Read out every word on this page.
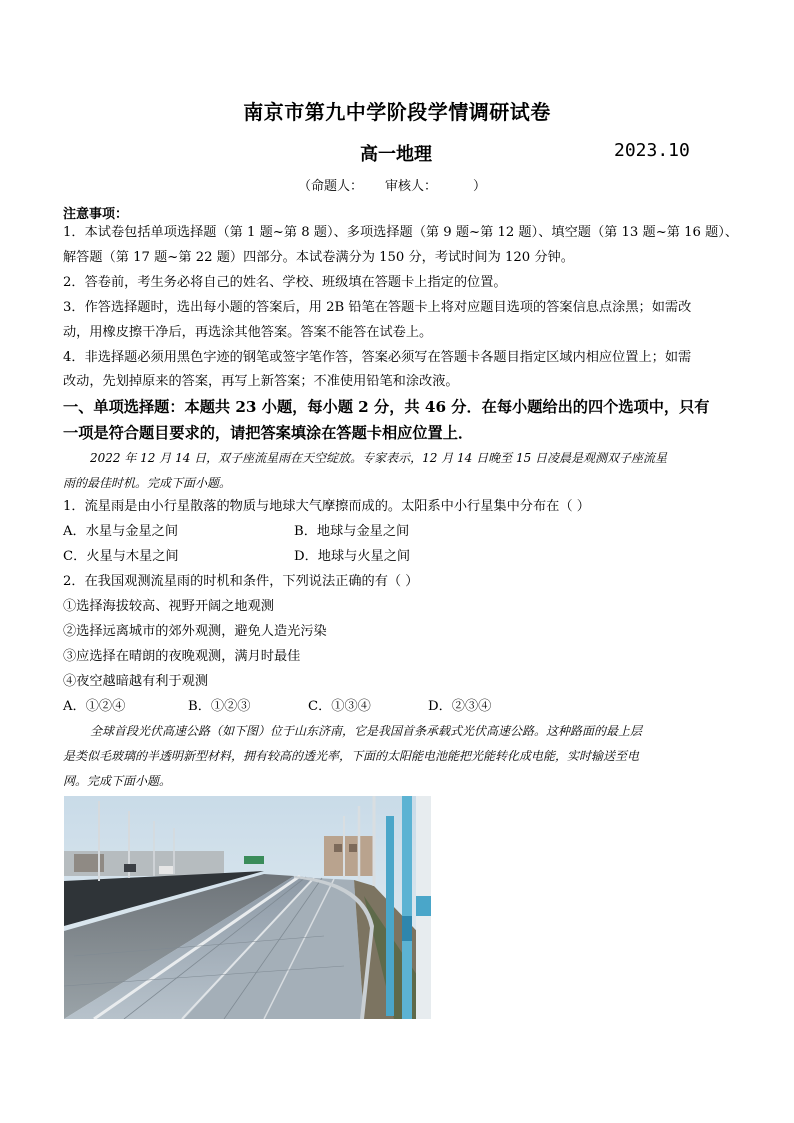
南京市第九中学阶段学情调研试卷
高一地理	2023.10
（命题人： 审核人：	）
注意事项：
1．本试卷包括单项选择题（第 1 题~第 8 题）、多项选择题（第 9 题~第 12 题）、填空题（第 13 题~第 16 题）、
解答题（第 17 题~第 22 题）四部分。本试卷满分为 150 分，考试时间为 120 分钟。
2．答卷前，考生务必将自己的姓名、学校、班级填在答题卡上指定的位置。
3．作答选择题时，选出每小题的答案后，用 2B 铅笔在答题卡上将对应题目选项的答案信息点涂黑；如需改
动，用橡皮擦干净后，再选涂其他答案。答案不能答在试卷上。
4．非选择题必须用黑色字迹的钢笔或签字笔作答，答案必须写在答题卡各题目指定区域内相应位置上；如需
改动，先划掉原来的答案，再写上新答案；不准使用铅笔和涂改液。
一、单项选择题：本题共 23 小题，每小题 2 分，共 46 分．在每小题给出的四个选项中，只有
一项是符合题目要求的，请把答案填涂在答题卡相应位置上．
2022 年 12 月 14 日，双子座流星雨在天空绽放。专家表示，12 月 14 日晚至 15 日凌晨是观测双子座流星
雨的最佳时机。完成下面小题。
1．流星雨是由小行星散落的物质与地球大气摩擦而成的。太阳系中小行星集中分布在（ ）
A．水星与金星之间	B．地球与金星之间
C．火星与木星之间	D．地球与火星之间
2．在我国观测流星雨的时机和条件，下列说法正确的有（ ）
①选择海拔较高、视野开阔之地观测
②选择远离城市的郊外观测，避免人造光污染
③应选择在晴朗的夜晚观测，满月时最佳
④夜空越暗越有利于观测
A．①②④	B．①②③	C．①③④	D．②③④
全球首段光伏高速公路（如下图）位于山东济南，它是我国首条承载式光伏高速公路。这种路面的最上层
是类似毛玻璃的半透明新型材料，拥有较高的透光率，下面的太阳能电池能把光能转化成电能，实时输送至电
网。完成下面小题。
